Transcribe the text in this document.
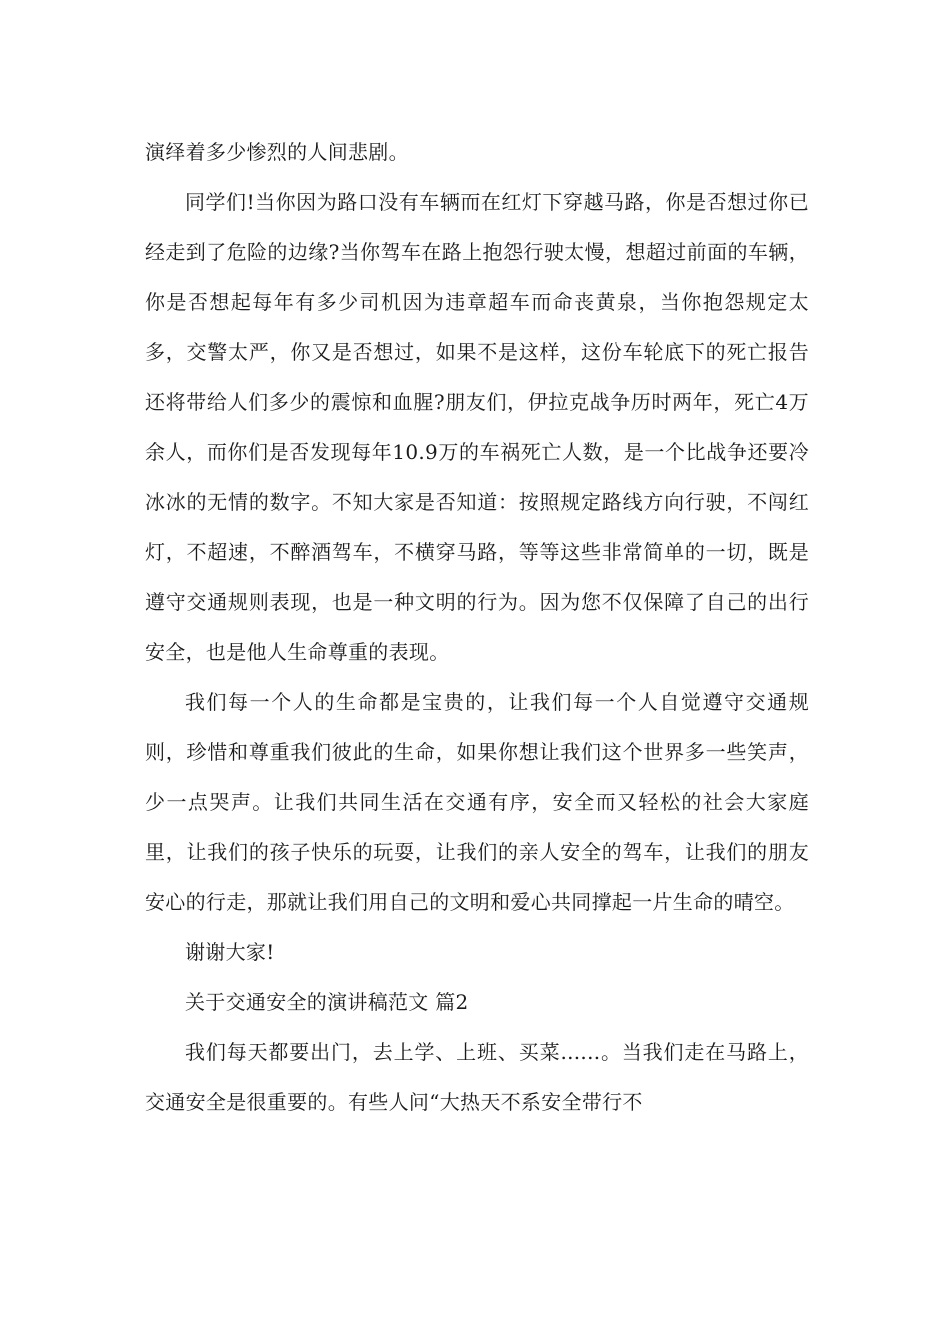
演绎着多少惨烈的人间悲剧。

同学们!当你因为路口没有车辆而在红灯下穿越马路，你是否想过你已经走到了危险的边缘?当你驾车在路上抱怨行驶太慢，想超过前面的车辆，你是否想起每年有多少司机因为违章超车而命丧黄泉，当你抱怨规定太多，交警太严，你又是否想过，如果不是这样，这份车轮底下的死亡报告还将带给人们多少的震惊和血腥?朋友们，伊拉克战争历时两年，死亡4万余人，而你们是否发现每年10.9万的车祸死亡人数，是一个比战争还要冷冰冰的无情的数字。不知大家是否知道：按照规定路线方向行驶，不闯红灯，不超速，不醉酒驾车，不横穿马路，等等这些非常简单的一切，既是遵守交通规则表现，也是一种文明的行为。因为您不仅保障了自己的出行安全，也是他人生命尊重的表现。

我们每一个人的生命都是宝贵的，让我们每一个人自觉遵守交通规则，珍惜和尊重我们彼此的生命，如果你想让我们这个世界多一些笑声，少一点哭声。让我们共同生活在交通有序，安全而又轻松的社会大家庭里，让我们的孩子快乐的玩耍，让我们的亲人安全的驾车，让我们的朋友安心的行走，那就让我们用自己的文明和爱心共同撑起一片生命的晴空。

谢谢大家!

关于交通安全的演讲稿范文 篇2

我们每天都要出门，去上学、上班、买菜......。当我们走在马路上，交通安全是很重要的。有些人问“大热天不系安全带行不
